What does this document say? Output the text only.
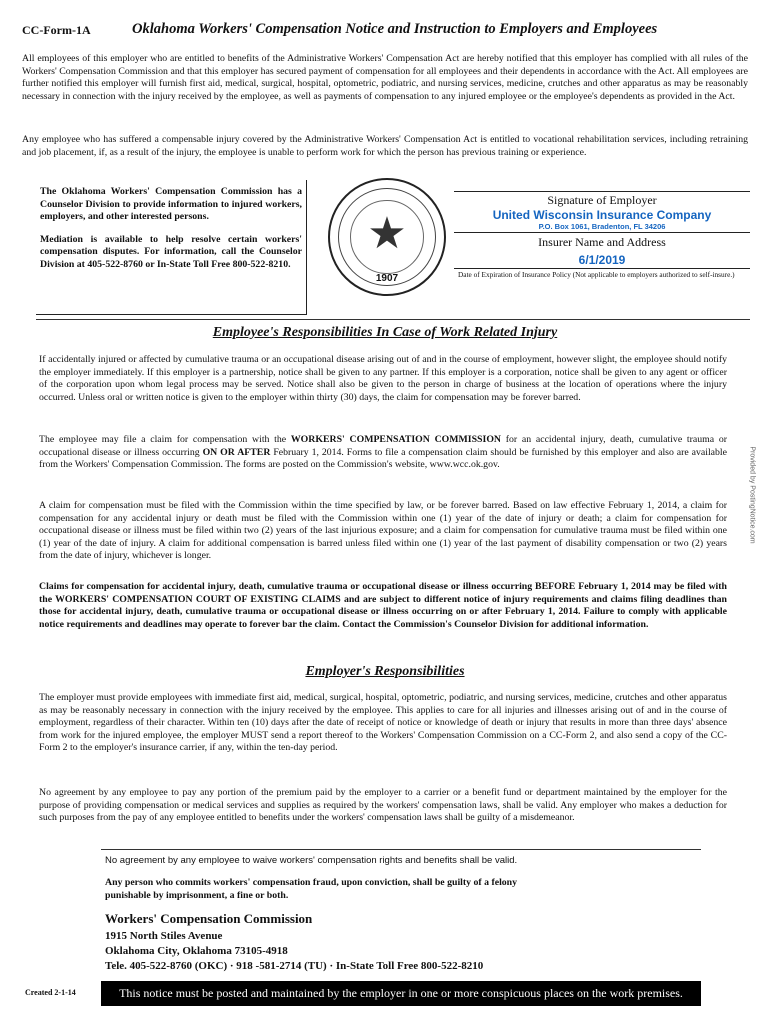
CC-Form-1A	Oklahoma Workers' Compensation Notice and Instruction to Employers and Employees

All employees of this employer who are entitled to benefits of the Administrative Workers' Compensation Act are hereby notified that this employer has complied with all rules of the Workers' Compensation Commission and that this employer has secured payment of compensation for all employees and their dependents in accordance with the Act. All employees are further notified this employer will furnish first aid, medical, surgical, hospital, optometric, podiatric, and nursing services, medicine, crutches and other apparatus as may be reasonably necessary in connection with the injury received by the employee, as well as payments of compensation to any injured employee or the employee's dependents as provided in the Act.

Any employee who has suffered a compensable injury covered by the Administrative Workers' Compensation Act is entitled to vocational rehabilitation services, including retraining and job placement, if, as a result of the injury, the employee is unable to perform work for which the person has previous training or experience.

The Oklahoma Workers' Compensation Commission has a Counselor Division to provide information to injured workers, employers, and other interested persons.

Mediation is available to help resolve certain workers' compensation disputes. For information, call the Counselor Division at 405-522-8760 or In-State Toll Free 800-522-8210.

★
1907
Signature of Employer
United Wisconsin Insurance Company
P.O. Box 1061, Bradenton, FL 34206
Insurer Name and Address
6/1/2019

Date of Expiration of Insurance Policy (Not applicable to employers authorized to self-insure.)

Employee's Responsibilities In Case of Work Related Injury

If accidentally injured or affected by cumulative trauma or an occupational disease arising out of and in the course of employment, however slight, the employee should notify the employer immediately. If this employer is a partnership, notice shall be given to any partner. If this employer is a corporation, notice shall be given to any agent or officer of the corporation upon whom legal process may be served. Notice shall also be given to the person in charge of business at the location of operations where the injury occurred. Unless oral or written notice is given to the employer within thirty (30) days, the claim for compensation may be forever barred.

The employee may file a claim for compensation with the WORKERS' COMPENSATION COMMISSION for an accidental injury, death, cumulative trauma or occupational disease or illness occurring ON OR AFTER February 1, 2014. Forms to file a compensation claim should be furnished by this employer and also are available from the Workers' Compensation Commission. The forms are posted on the Commission's website, www.wcc.ok.gov.

A claim for compensation must be filed with the Commission within the time specified by law, or be forever barred. Based on law effective February 1, 2014, a claim for compensation for any accidental injury or death must be filed with the Commission within one (1) year of the date of injury or death; a claim for compensation for occupational disease or illness must be filed within two (2) years of the last injurious exposure; and a claim for compensation for cumulative trauma must be filed within one (1) year of the date of injury. A claim for additional compensation is barred unless filed within one (1) year of the last payment of disability compensation or two (2) years from the date of injury, whichever is longer.

Claims for compensation for accidental injury, death, cumulative trauma or occupational disease or illness occurring BEFORE February 1, 2014 may be filed with the WORKERS' COMPENSATION COURT OF EXISTING CLAIMS and are subject to different notice of injury requirements and claims filing deadlines than those for accidental injury, death, cumulative trauma or occupational disease or illness occurring on or after February 1, 2014. Failure to comply with applicable notice requirements and deadlines may operate to forever bar the claim. Contact the Commission's Counselor Division for additional information.

Employer's Responsibilities

The employer must provide employees with immediate first aid, medical, surgical, hospital, optometric, podiatric, and nursing services, medicine, crutches and other apparatus as may be reasonably necessary in connection with the injury received by the employee. This applies to care for all injuries and illnesses arising out of and in the course of employment, regardless of their character. Within ten (10) days after the date of receipt of notice or knowledge of death or injury that results in more than three days' absence from work for the injured employee, the employer MUST send a report thereof to the Workers' Compensation Commission on a CC-Form 2, and also send a copy of the CC-Form 2 to the employer's insurance carrier, if any, within the ten-day period.

No agreement by any employee to pay any portion of the premium paid by the employer to a carrier or a benefit fund or department maintained by the employer for the purpose of providing compensation or medical services and supplies as required by the workers' compensation laws, shall be valid. Any employer who makes a deduction for such purposes from the pay of any employee entitled to benefits under the workers' compensation laws shall be guilty of a misdemeanor.

No agreement by any employee to waive workers' compensation rights and benefits shall be valid.
Any person who commits workers' compensation fraud, upon conviction, shall be guilty of a felony
punishable by imprisonment, a fine or both.
Workers' Compensation Commission
1915 North Stiles Avenue
Oklahoma City, Oklahoma 73105-4918
Tele. 405-522-8760 (OKC) · 918 -581-2714 (TU) · In-State Toll Free 800-522-8210
Created 2-1-14	This notice must be posted and maintained by the employer in one or more conspicuous places on the work premises.
Provided by PostingNotice.com
